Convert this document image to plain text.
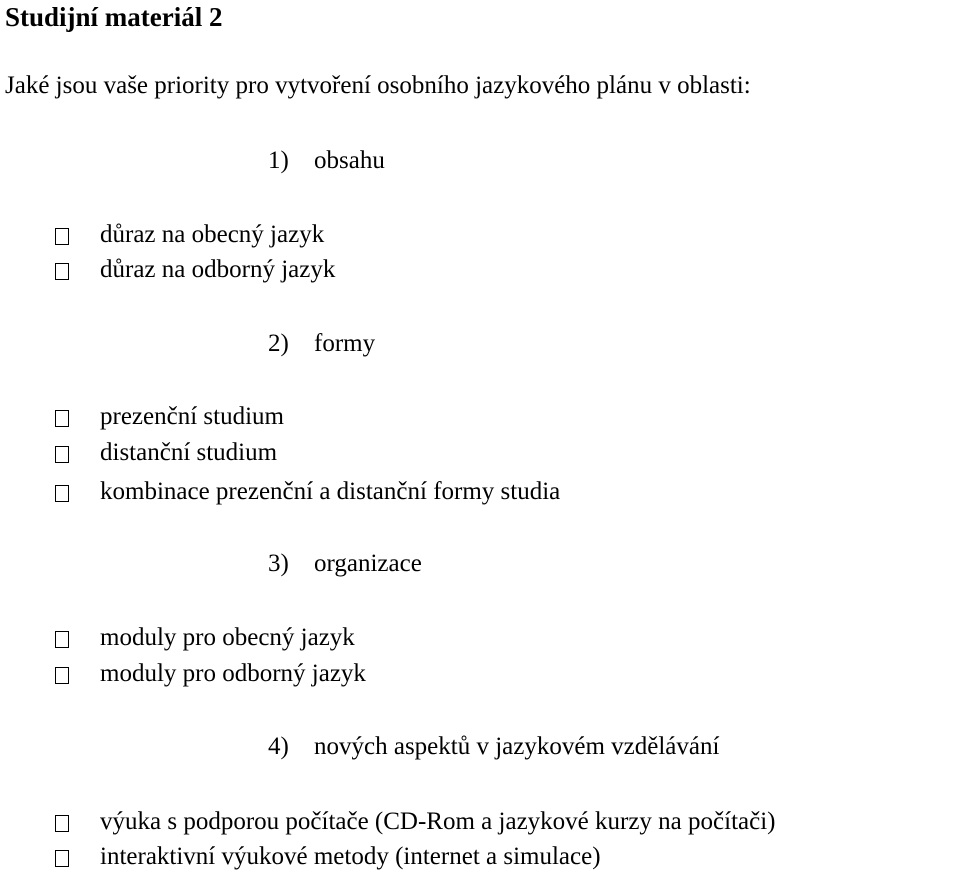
Studijní materiál 2
Jaké jsou vaše priority pro vytvoření osobního jazykového plánu v oblasti:
1) obsahu
důraz na obecný jazyk
důraz na odborný jazyk
2) formy
prezenční studium
distanční studium
kombinace prezenční a distanční formy studia
3) organizace
moduly pro obecný jazyk
moduly pro odborný jazyk
4) nových aspektů v jazykovém vzdělávání
výuka s podporou počítače (CD-Rom a jazykové kurzy na počítači)
interaktivní výukové metody (internet a simulace)
